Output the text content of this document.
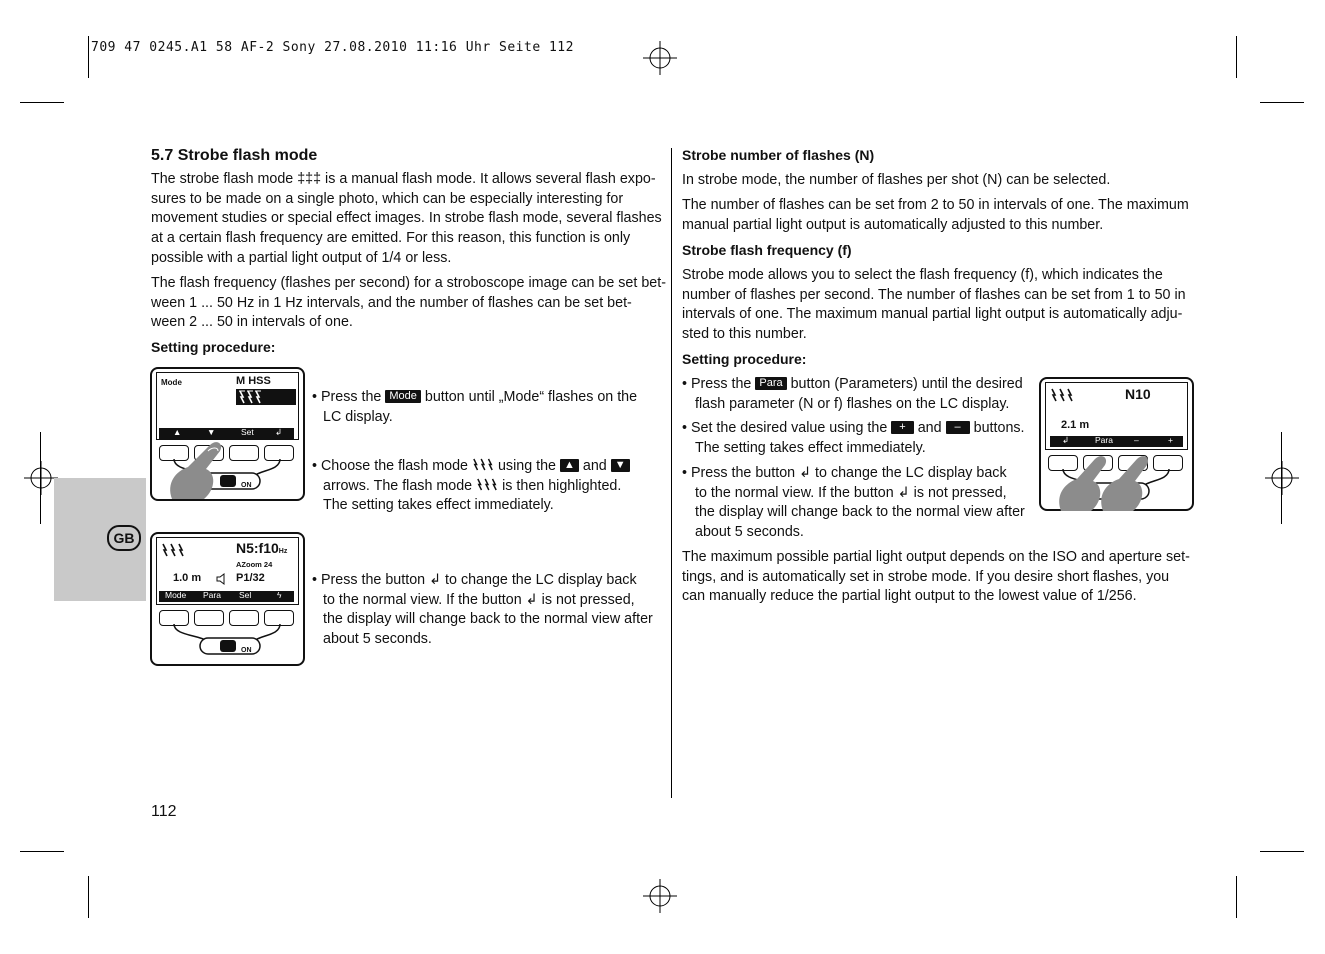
709 47 0245.A1 58 AF-2 Sony 27.08.2010 11:16 Uhr Seite 112
GB
5.7 Strobe flash mode
The strobe flash mode ‡‡‡ is a manual flash mode. It allows several flash expo-
sures to be made on a single photo, which can be especially interesting for
movement studies or special effect images. In strobe flash mode, several flashes
at a certain flash frequency are emitted. For this reason, this function is only
possible with a partial light output of 1/4 or less.
The flash frequency (flashes per second) for a stroboscope image can be set bet-
ween 1 ... 50 Hz in 1 Hz intervals, and the number of flashes can be set bet-
ween 2 ... 50 in intervals of one.
Setting procedure:
Mode	M HSS
▲	▼	Set ↲
ON
N5:f10Hz
AZoom 24
1.0 m	P1/32
Mode Para Sel	ϟ
ON
• Press the Mode button until „Mode“ flashes on the
LC display.
• Choose the flash mode using the ▲ and ▼
arrows. The flash mode is then highlighted.
The setting takes effect immediately.
• Press the button ↲ to change the LC display back
to the normal view. If the button ↲ is not pressed,
the display will change back to the normal view after
about 5 seconds.
112
Strobe number of flashes (N)
In strobe mode, the number of flashes per shot (N) can be selected.
The number of flashes can be set from 2 to 50 in intervals of one. The maximum
manual partial light output is automatically adjusted to this number.
Strobe flash frequency (f)
Strobe mode allows you to select the flash frequency (f), which indicates the
number of flashes per second. The number of flashes can be set from 1 to 50 in
intervals of one. The maximum manual partial light output is automatically adju-
sted to this number.
Setting procedure:
• Press the Para button (Parameters) until the desired
flash parameter (N or f) flashes on the LC display.
• Set the desired value using the + and – buttons.
The setting takes effect immediately.
• Press the button ↲ to change the LC display back
to the normal view. If the button ↲ is not pressed,
the display will change back to the normal view after
about 5 seconds.
N10
2.1 m
↲	Para –	+
The maximum possible partial light output depends on the ISO and aperture set-
tings, and is automatically set in strobe mode. If you desire short flashes, you
can manually reduce the partial light output to the lowest value of 1/256.
